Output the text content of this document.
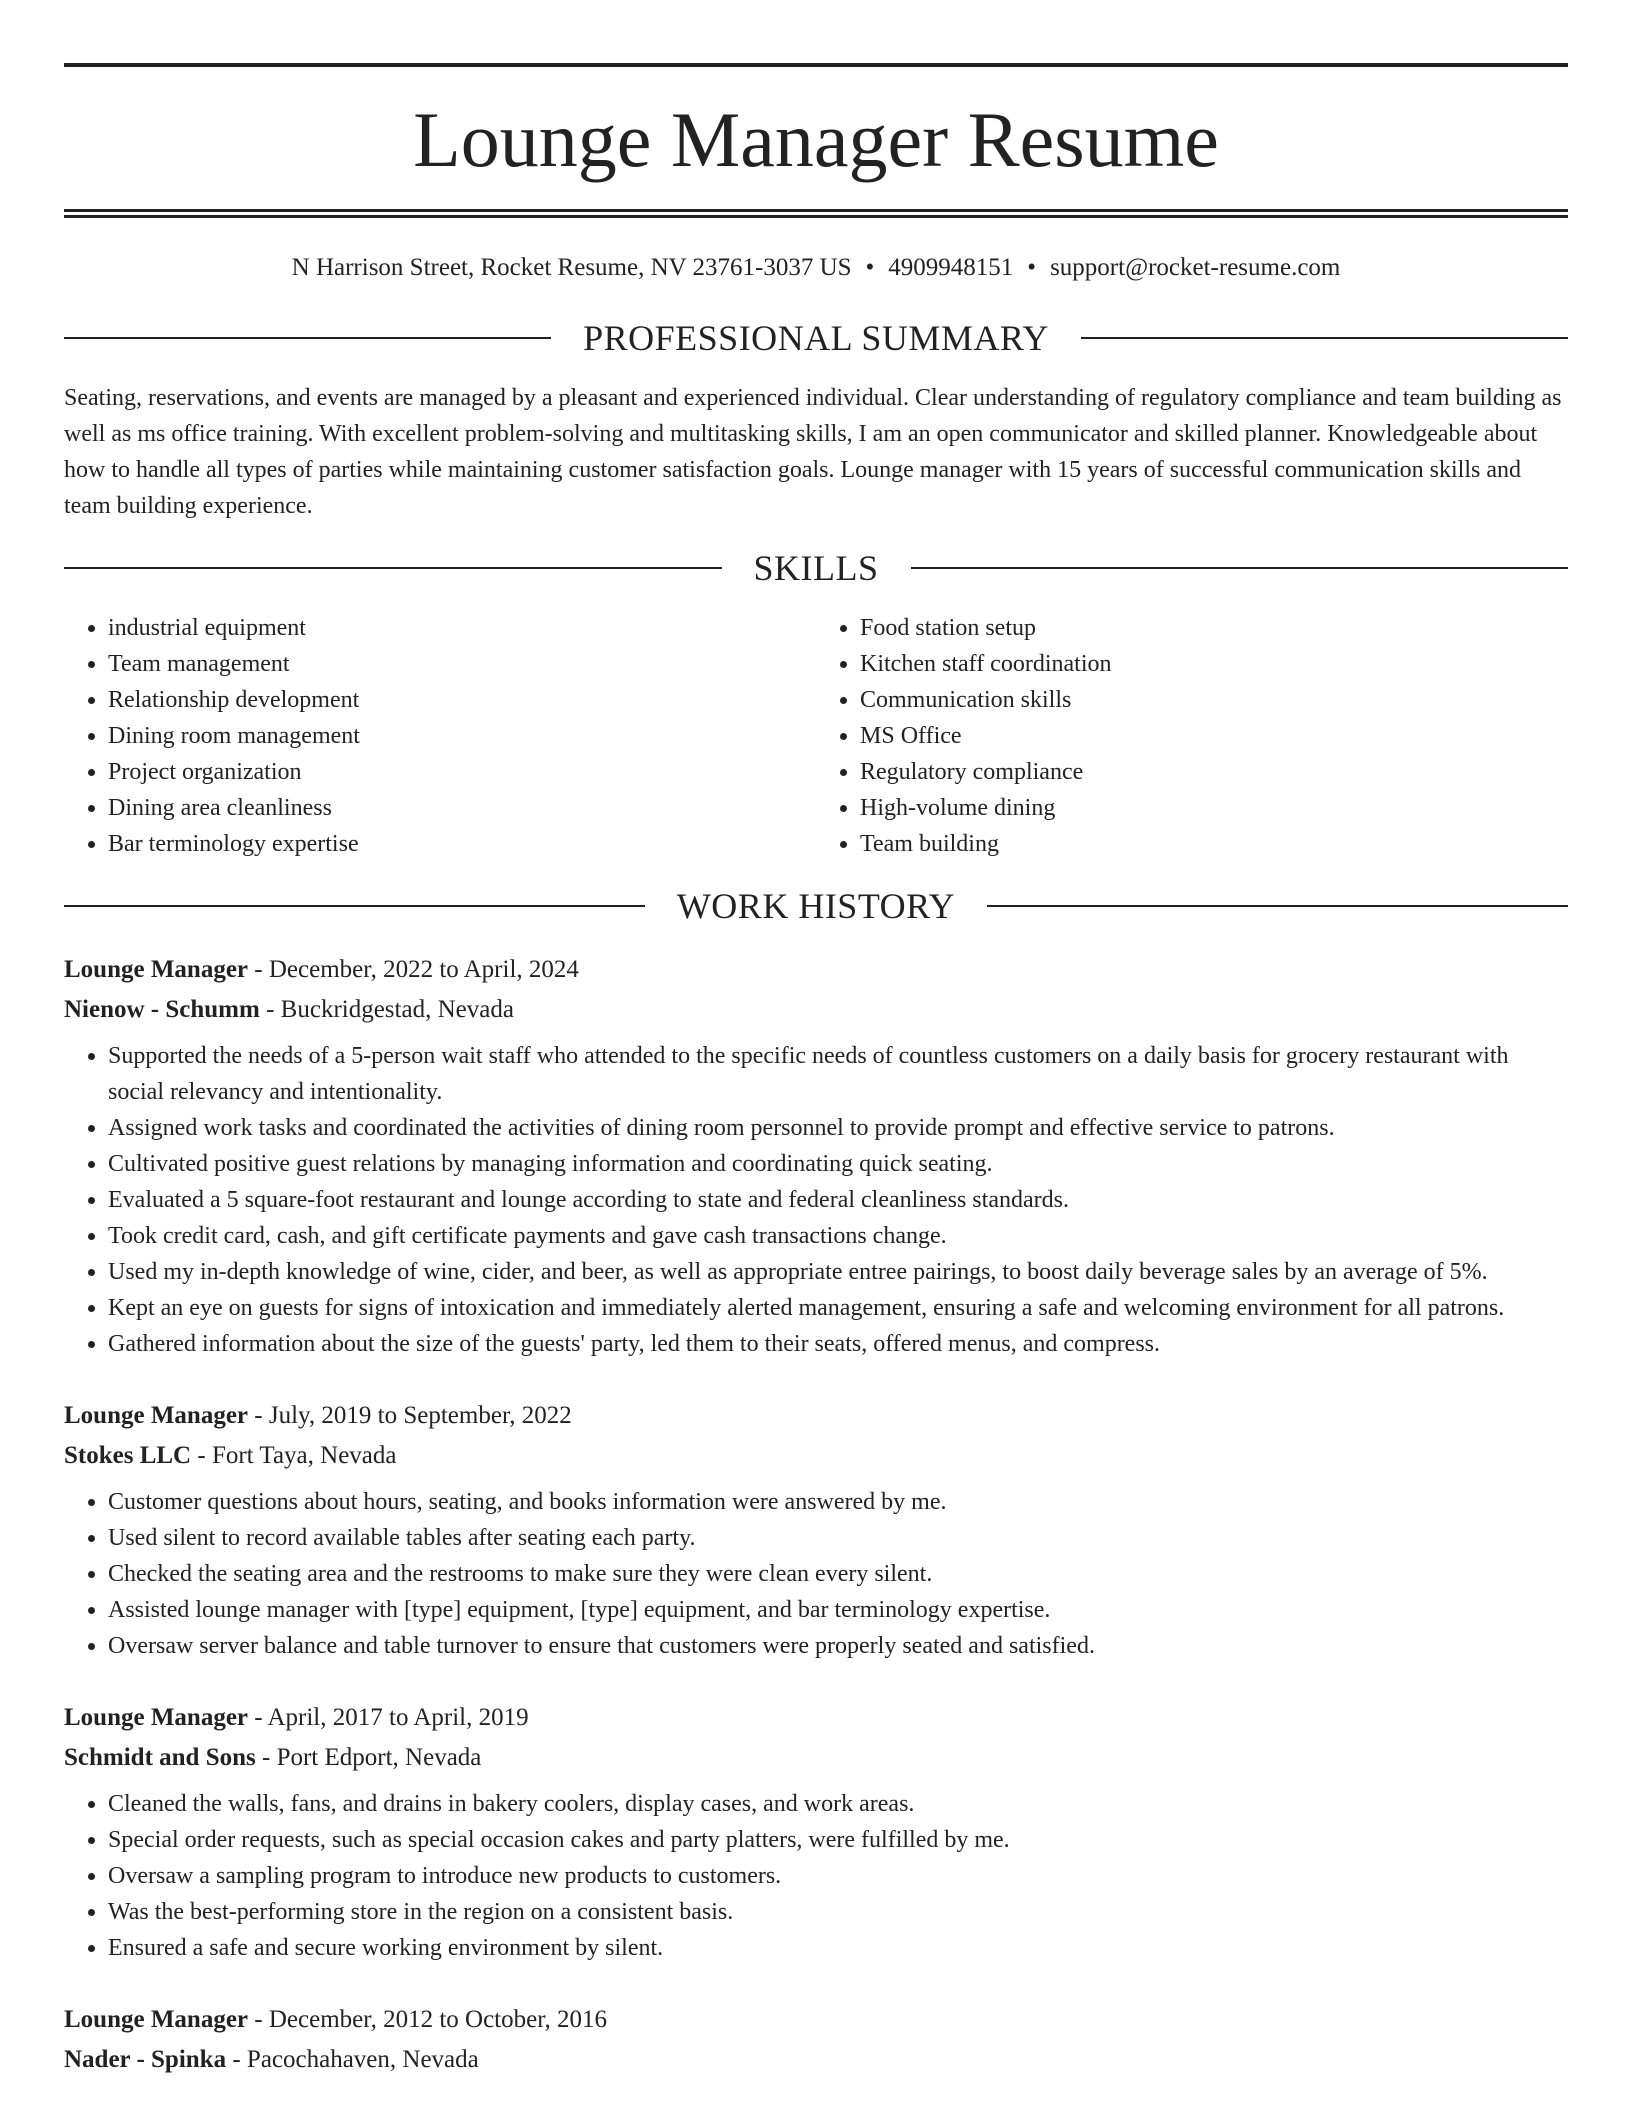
Lounge Manager Resume
N Harrison Street, Rocket Resume, NV 23761-3037 US • 4909948151 • support@rocket-resume.com
PROFESSIONAL SUMMARY

Seating, reservations, and events are managed by a pleasant and experienced individual. Clear understanding of regulatory compliance and team building as well as ms office training. With excellent problem-solving and multitasking skills, I am an open communicator and skilled planner. Knowledgeable about how to handle all types of parties while maintaining customer satisfaction goals. Lounge manager with 15 years of successful communication skills and team building experience.

SKILLS
• industrial equipment
• Team management
• Relationship development
• Dining room management
• Project organization
• Dining area cleanliness
• Bar terminology expertise
• Food station setup
• Kitchen staff coordination
• Communication skills
• MS Office
• Regulatory compliance
• High-volume dining
• Team building
WORK HISTORY
Lounge Manager - December, 2022 to April, 2024
Nienow - Schumm - Buckridgestad, Nevada
• Supported the needs of a 5-person wait staff who attended to the specific needs of countless customers on a daily basis for grocery restaurant with social relevancy and intentionality.
• Assigned work tasks and coordinated the activities of dining room personnel to provide prompt and effective service to patrons.
• Cultivated positive guest relations by managing information and coordinating quick seating.
• Evaluated a 5 square-foot restaurant and lounge according to state and federal cleanliness standards.
• Took credit card, cash, and gift certificate payments and gave cash transactions change.
• Used my in-depth knowledge of wine, cider, and beer, as well as appropriate entree pairings, to boost daily beverage sales by an average of 5%.
• Kept an eye on guests for signs of intoxication and immediately alerted management, ensuring a safe and welcoming environment for all patrons.
• Gathered information about the size of the guests' party, led them to their seats, offered menus, and compress.
Lounge Manager - July, 2019 to September, 2022
Stokes LLC - Fort Taya, Nevada
• Customer questions about hours, seating, and books information were answered by me.
• Used silent to record available tables after seating each party.
• Checked the seating area and the restrooms to make sure they were clean every silent.
• Assisted lounge manager with [type] equipment, [type] equipment, and bar terminology expertise.
• Oversaw server balance and table turnover to ensure that customers were properly seated and satisfied.
Lounge Manager - April, 2017 to April, 2019
Schmidt and Sons - Port Edport, Nevada
• Cleaned the walls, fans, and drains in bakery coolers, display cases, and work areas.
• Special order requests, such as special occasion cakes and party platters, were fulfilled by me.
• Oversaw a sampling program to introduce new products to customers.
• Was the best-performing store in the region on a consistent basis.
• Ensured a safe and secure working environment by silent.
Lounge Manager - December, 2012 to October, 2016
Nader - Spinka - Pacochahaven, Nevada
